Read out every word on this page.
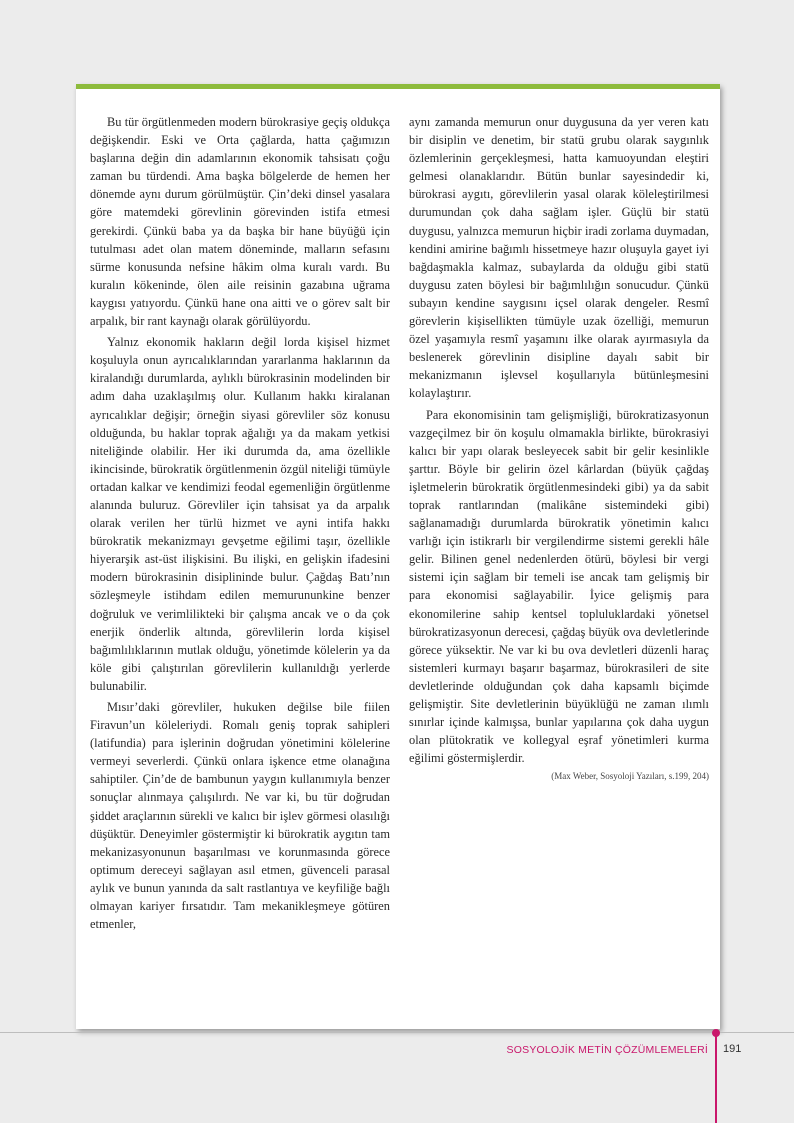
Bu tür örgütlenmeden modern bürokrasiye geçiş oldukça değişkendir. Eski ve Orta çağlarda, hatta çağımızın başlarına değin din adamlarının ekonomik tahsisatı çoğu zaman bu türdendi. Ama başka bölgelerde de hemen her dönemde aynı durum görülmüştür. Çin’deki dinsel yasalara göre matemdeki görevlinin görevinden istifa etmesi gerekirdi. Çünkü baba ya da başka bir hane büyüğü için tutulması adet olan matem döneminde, malların sefasını sürme konusunda nefsine hâkim olma kuralı vardı. Bu kuralın kökeninde, ölen aile reisinin gazabına uğrama kaygısı yatıyordu. Çünkü hane ona aitti ve o görev salt bir arpalık, bir rant kaynağı olarak görülüyordu.

Yalnız ekonomik hakların değil lorda kişisel hizmet koşuluyla onun ayrıcalıklarından yararlanma haklarının da kiralandığı durumlarda, aylıklı bürokrasinin modelinden bir adım daha uzaklaşılmış olur. Kullanım hakkı kiralanan ayrıcalıklar değişir; örneğin siyasi görevliler söz konusu olduğunda, bu haklar toprak ağalığı ya da makam yetkisi niteliğinde olabilir. Her iki durumda da, ama özellikle ikincisinde, bürokratik örgütlenmenin özgül niteliği tümüyle ortadan kalkar ve kendimizi feodal egemenliğin örgütlenme alanında buluruz. Görevliler için tahsisat ya da arpalık olarak verilen her türlü hizmet ve ayni intifa hakkı bürokratik mekanizmayı gevşetme eğilimi taşır, özellikle hiyerarşik ast-üst ilişkisini. Bu ilişki, en gelişkin ifadesini modern bürokrasinin disiplininde bulur. Çağdaş Batı’nın sözleşmeyle istihdam edilen memurununkine benzer doğruluk ve verimlilikteki bir çalışma ancak ve o da çok enerjik önderlik altında, görevlilerin lorda kişisel bağımlılıklarının mutlak olduğu, yönetimde kölelerin ya da köle gibi çalıştırılan görevlilerin kullanıldığı yerlerde bulunabilir.

Mısır’daki görevliler, hukuken değilse bile fiilen Firavun’un köleleriydi. Romalı geniş toprak sahipleri (latifundia) para işlerinin doğrudan yönetimini kölelerine vermeyi severlerdi. Çünkü onlara işkence etme olanağına sahiptiler. Çin’de de bambunun yaygın kullanımıyla benzer sonuçlar alınmaya çalışılırdı. Ne var ki, bu tür doğrudan şiddet araçlarının sürekli ve kalıcı bir işlev görmesi olasılığı düşüktür. Deneyimler göstermiştir ki bürokratik aygıtın tam mekanizasyonunun başarılması ve korunmasında görece optimum dereceyi sağlayan asıl etmen, güvenceli parasal aylık ve bunun yanında da salt rastlantıya ve keyfiliğe bağlı olmayan kariyer fırsatıdır. Tam mekanikleşmeye götüren etmenler,

aynı zamanda memurun onur duygusuna da yer veren katı bir disiplin ve denetim, bir statü grubu olarak saygınlık özlemlerinin gerçekleşmesi, hatta kamuoyundan eleştiri gelmesi olanaklarıdır. Bütün bunlar sayesindedir ki, bürokrasi aygıtı, görevlilerin yasal olarak köleleştirilmesi durumundan çok daha sağlam işler. Güçlü bir statü duygusu, yalnızca memurun hiçbir iradi zorlama duymadan, kendini amirine bağımlı hissetmeye hazır oluşuyla gayet iyi bağdaşmakla kalmaz, subaylarda da olduğu gibi statü duygusu zaten böylesi bir bağımlılığın sonucudur. Çünkü subayın kendine saygısını içsel olarak dengeler. Resmî görevlerin kişisellikten tümüyle uzak özelliği, memurun özel yaşamıyla resmî yaşamını ilke olarak ayırmasıyla da beslenerek görevlinin disipline dayalı sabit bir mekanizmanın işlevsel koşullarıyla bütünleşmesini kolaylaştırır.

Para ekonomisinin tam gelişmişliği, bürokratizasyonun vazgeçilmez bir ön koşulu olmamakla birlikte, bürokrasiyi kalıcı bir yapı olarak besleyecek sabit bir gelir kesinlikle şarttır. Böyle bir gelirin özel kârlardan (büyük çağdaş işletmelerin bürokratik örgütlenmesindeki gibi) ya da sabit toprak rantlarından (malikâne sistemindeki gibi) sağlanamadığı durumlarda bürokratik yönetimin kalıcı varlığı için istikrarlı bir vergilendirme sistemi gerekli hâle gelir. Bilinen genel nedenlerden ötürü, böylesi bir vergi sistemi için sağlam bir temeli ise ancak tam gelişmiş bir para ekonomisi sağlayabilir. İyice gelişmiş para ekonomilerine sahip kentsel topluluklardaki yönetsel bürokratizasyonun derecesi, çağdaş büyük ova devletlerinde görece yüksektir. Ne var ki bu ova devletleri düzenli haraç sistemleri kurmayı başarır başarmaz, bürokrasileri de site devletlerinde olduğundan çok daha kapsamlı biçimde gelişmiştir. Site devletlerinin büyüklüğü ne zaman ılımlı sınırlar içinde kalmışsa, bunlar yapılarına çok daha uygun olan plütokratik ve kollegyal eşraf yönetimleri kurma eğilimi göstermişlerdir.

(Max Weber, Sosyoloji Yazıları, s.199, 204)
SOSYOLOJİK METİN ÇÖZÜMLEMELERİ 191
